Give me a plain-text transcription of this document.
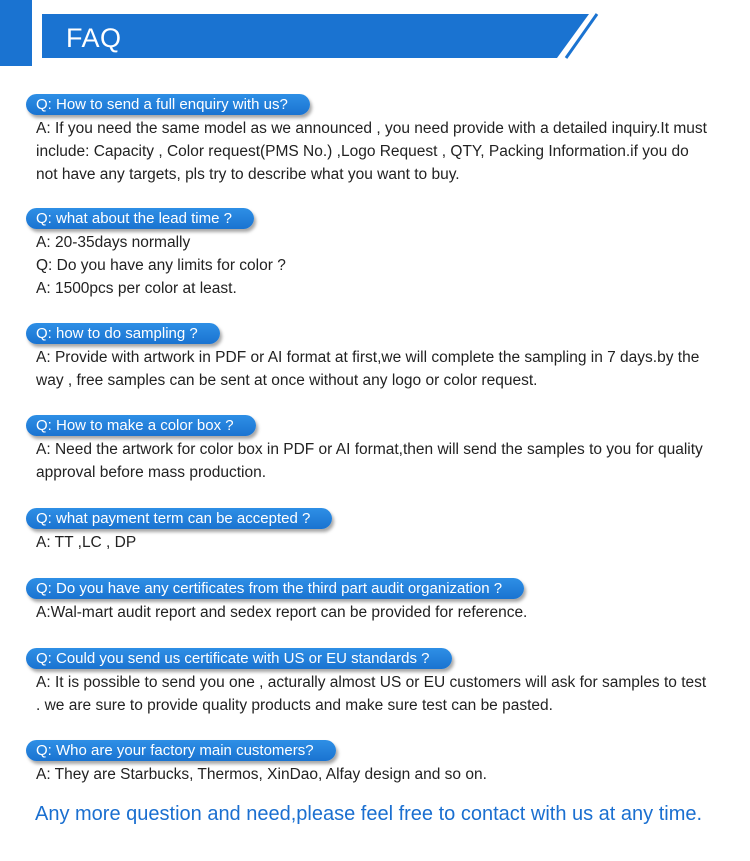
FAQ
Q: How to send a full enquiry with us?

A: If you need the same model as we announced , you need provide with a detailed inquiry.It must

include: Capacity , Color request(PMS No.) ,Logo Request , QTY, Packing Information.if you do

not have any targets, pls try to describe what you want to buy.

Q: what about the lead time ?

A: 20-35days normally

Q: Do you have any limits for color ?

A: 1500pcs per color at least.

Q: how to do sampling ?

A: Provide with artwork in PDF or AI format at first,we will complete the sampling in 7 days.by the

way , free samples can be sent at once without any logo or color request.

Q: How to make a color box ?

A: Need the artwork for color box in PDF or AI format,then will send the samples to you for quality

approval before mass production.

Q: what payment term can be accepted ?

A: TT ,LC , DP

Q: Do you have any certificates from the third part audit organization ?

A:Wal-mart audit report and sedex report can be provided for reference.

Q: Could you send us certificate with US or EU standards ?

A: It is possible to send you one , acturally almost US or EU customers will ask for samples to test

. we are sure to provide quality products and make sure test can be pasted.

Q: Who are your factory main customers?

A: They are Starbucks, Thermos, XinDao, Alfay design and so on.

Any more question and need,please feel free to contact with us at any time.
